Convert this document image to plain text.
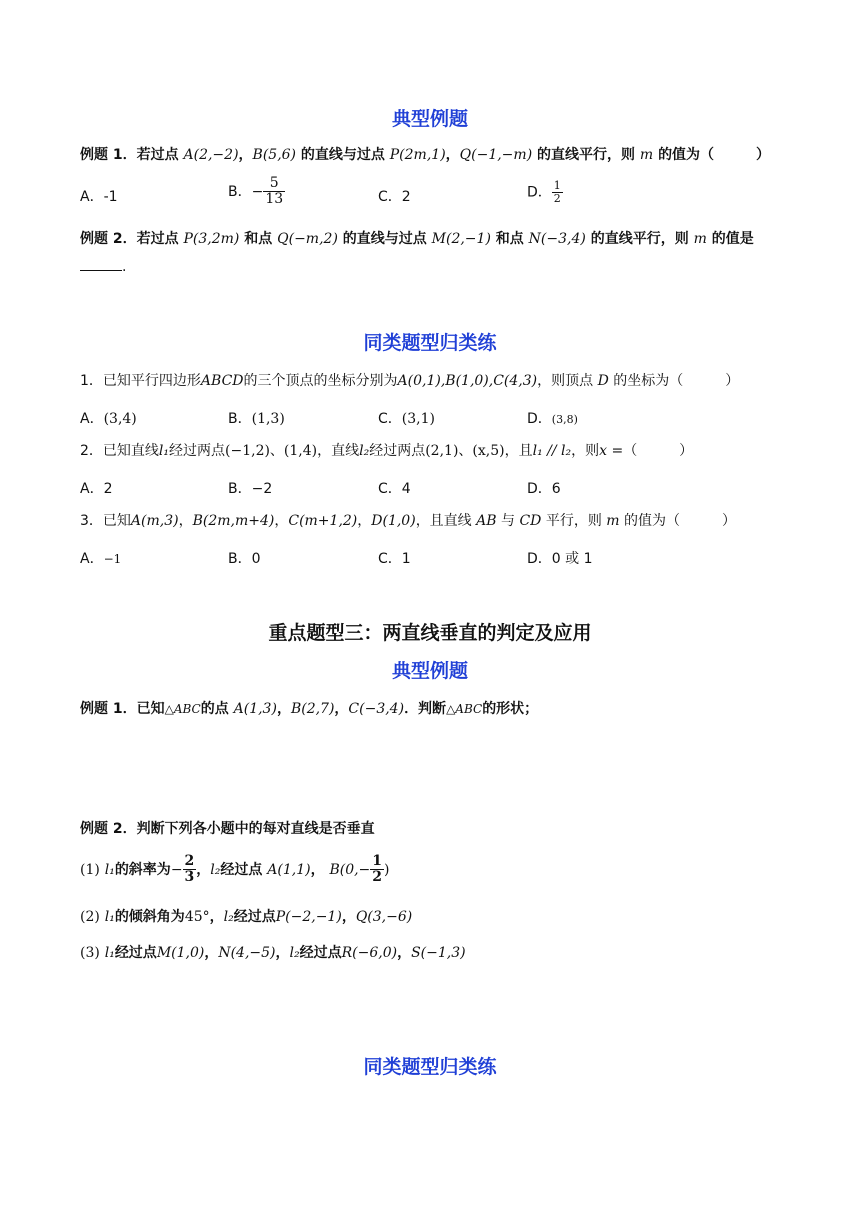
典型例题
例题 1．若过点 A(2,−2)，B(5,6) 的直线与过点 P(2m,1)，Q(−1,−m) 的直线平行，则 m 的值为（　　　）
A．-1	B．− $\frac{5}{13}$	C．2	D． $\frac{1}{2}$
例题 2．若过点 P(3,2m) 和点 Q(−m,2) 的直线与过点 M(2,−1) 和点 N(−3,4) 的直线平行，则 m 的值是
.
同类题型归类练
1．已知平行四边形ABCD的三个顶点的坐标分别为A(0,1),B(1,0),C(4,3)，则顶点 D 的坐标为（　　　）
A．(3,4)	B．(1,3)	C．(3,1)	D．(3,8)
2．已知直线l₁经过两点(−1,2)、(1,4)，直线l₂经过两点(2,1)、(x,5)，且l₁ // l₂，则x =（　　　）
A．2	B．−2	C．4	D．6
3．已知A(m,3)，B(2m,m+4)，C(m+1,2)，D(1,0)，且直线 AB 与 CD 平行，则 m 的值为（　　　）
A．−1	B．0	C．1	D．0 或 1
重点题型三：两直线垂直的判定及应用
典型例题
例题 1．已知△ABC的点 A(1,3)，B(2,7)，C(−3,4)．判断△ABC的形状；
例题 2．判断下列各小题中的每对直线是否垂直
(1) l₁的斜率为− $\frac{2}{3}$ ，l₂经过点 A(1,1)， $B(0,- \frac{1}{2}$ )
(2) l₁的倾斜角为45°，l₂经过点P(−2,−1)，Q(3,−6)
(3) l₁经过点M(1,0)，N(4,−5)，l₂经过点R(−6,0)，S(−1,3)
同类题型归类练
